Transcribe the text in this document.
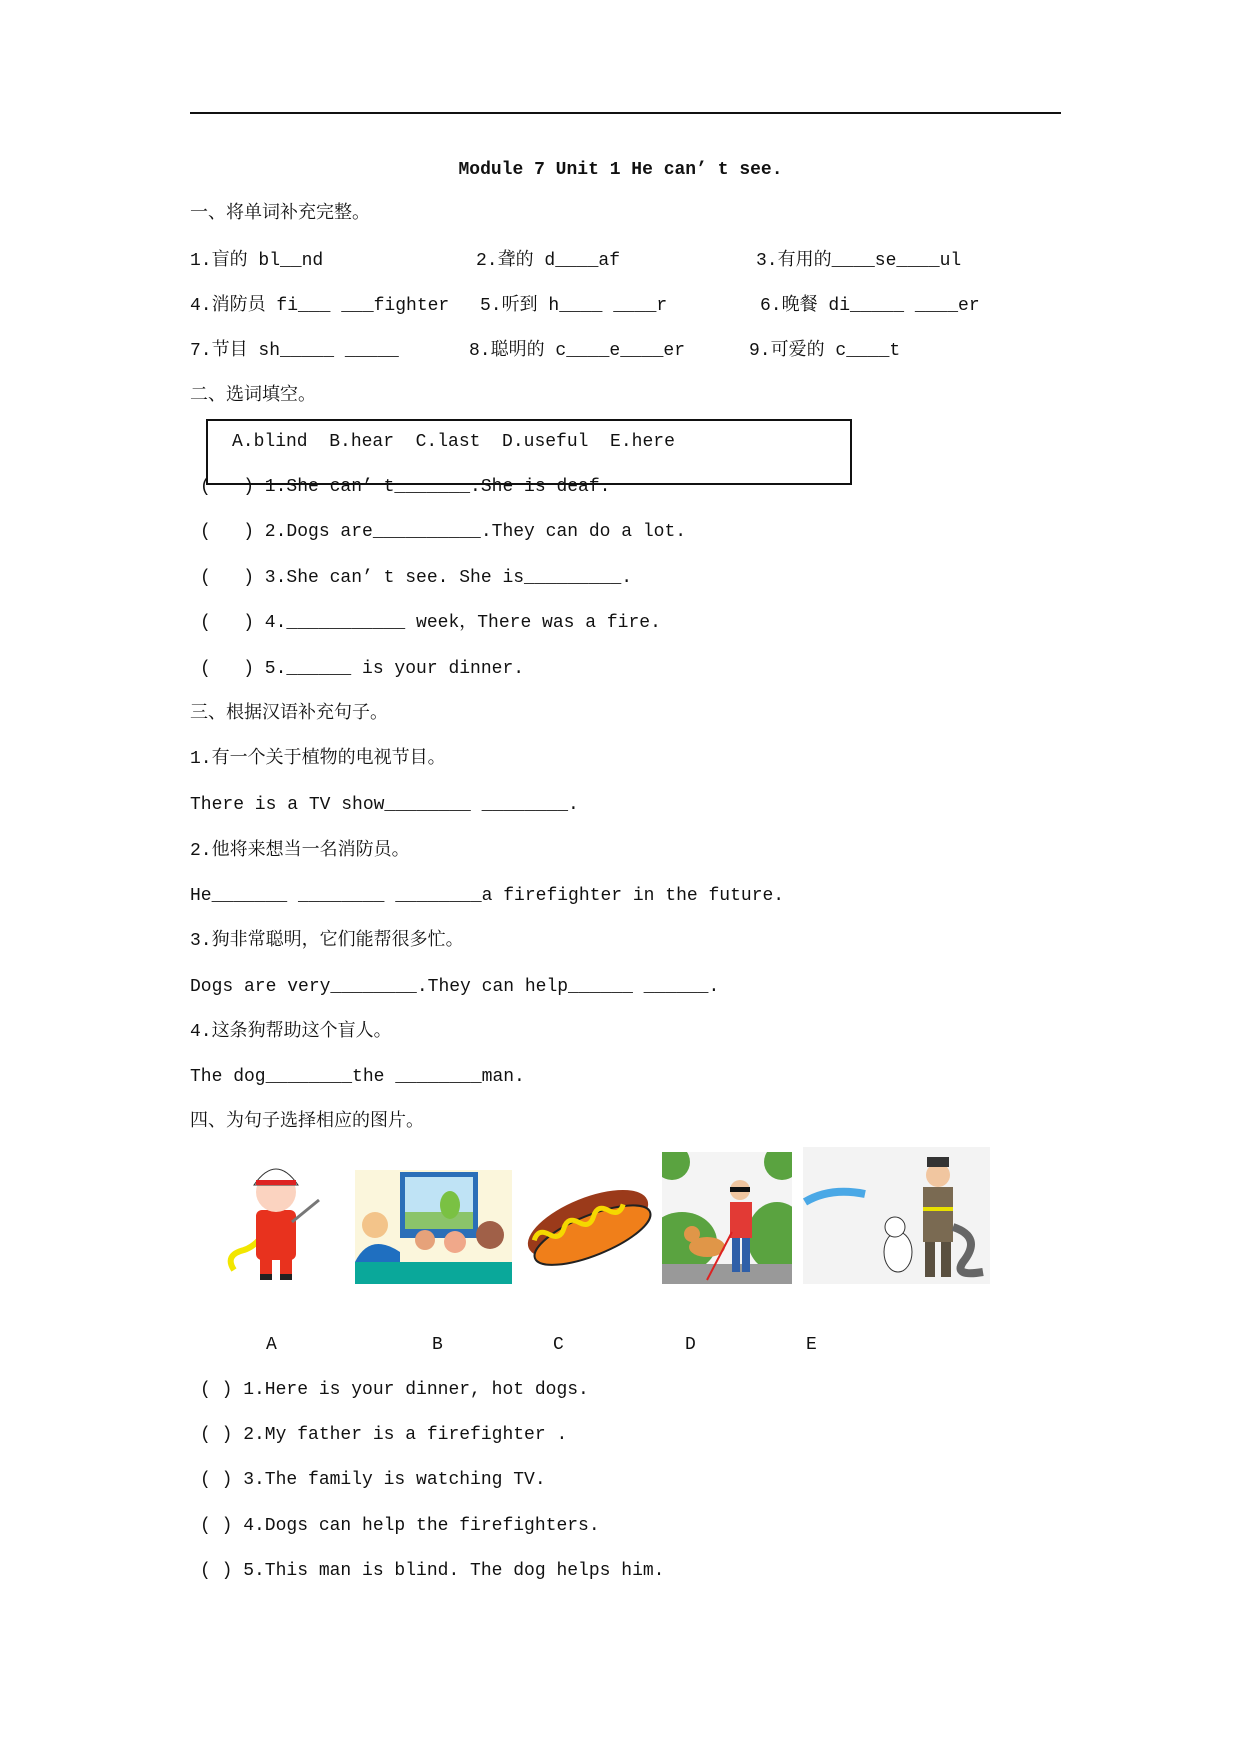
Module 7 Unit 1 He can’ t see.
一、将单词补充完整。
1.盲的 bl__nd	2.聋的 d____af	3.有用的____se____ul
4.消防员 fi___ ___fighter 5.听到 h____ ____r	6.晚餐 di_____ ____er
7.节目 sh_____ _____	8.聪明的 c____e____er	9.可爱的 c____t
二、选词填空。
A.blind  B.hear  C.last  D.useful  E.here
(   ) 1.She can’ t_______.She is deaf.
(   ) 2.Dogs are__________.They can do a lot.
(   ) 3.She can’ t see. She is_________.
(   ) 4.___________ week，There was a fire.
(   ) 5.______ is your dinner.
三、根据汉语补充句子。
1.有一个关于植物的电视节目。
There is a TV show________ ________.
2.他将来想当一名消防员。
He_______ ________ ________a firefighter in the future.
3.狗非常聪明，它们能帮很多忙。
Dogs are very________.They can help______ ______.
4.这条狗帮助这个盲人。
The dog________the ________man.
四、为句子选择相应的图片。
A	B	C	D	E
( ) 1.Here is your dinner, hot dogs.
( ) 2.My father is a firefighter .
( ) 3.The family is watching TV.
( ) 4.Dogs can help the firefighters.
( ) 5.This man is blind. The dog helps him.
